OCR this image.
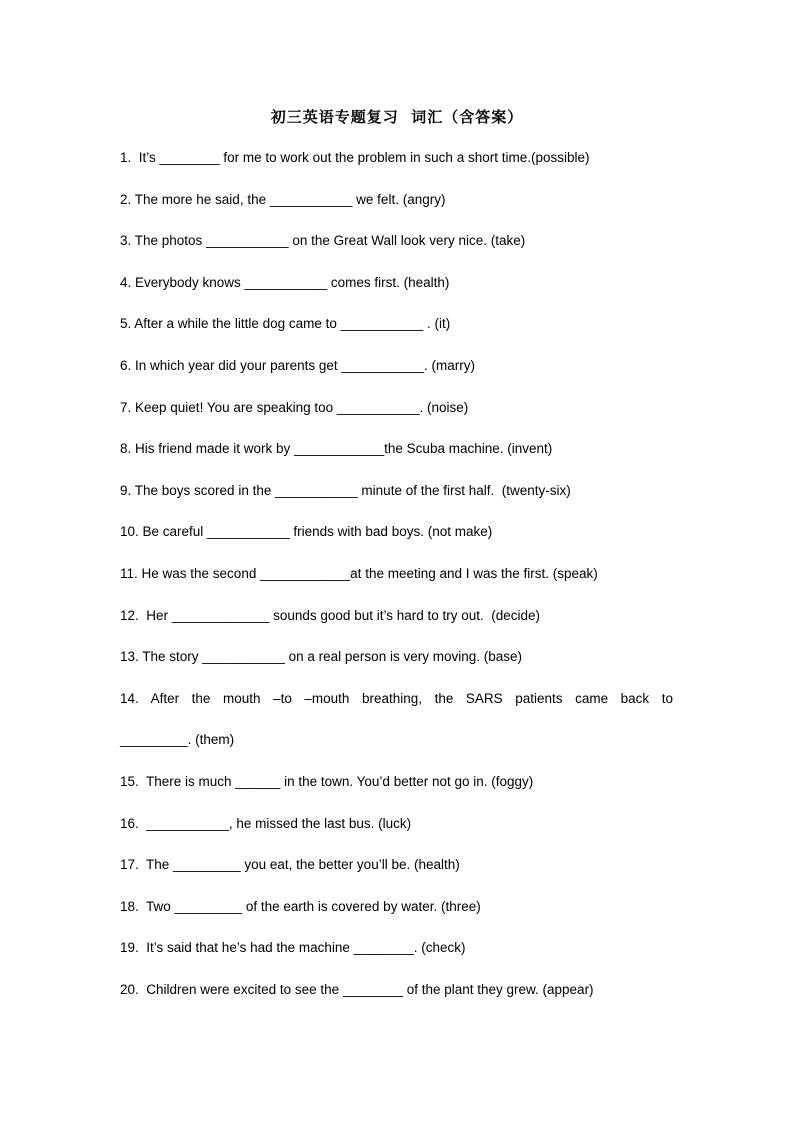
初三英语专题复习  词汇（含答案）
1.  It’s ________ for me to work out the problem in such a short time.(possible)
2. The more he said, the ___________ we felt. (angry)
3. The photos ___________ on the Great Wall look very nice. (take)
4. Everybody knows ___________ comes first. (health)
5. After a while the little dog came to ___________ . (it)
6. In which year did your parents get ___________. (marry)
7. Keep quiet! You are speaking too ___________. (noise)
8. His friend made it work by ____________the Scuba machine. (invent)
9. The boys scored in the ___________ minute of the first half.  (twenty-six)
10. Be careful ___________ friends with bad boys. (not make)
11. He was the second ____________at the meeting and I was the first. (speak)
12.  Her _____________ sounds good but it’s hard to try out.  (decide)
13. The story ___________ on a real person is very moving. (base)
14. After the mouth –to –mouth breathing, the SARS patients came back to
_________. (them)
15.  There is much ______ in the town. You’d better not go in. (foggy)
16.  ___________, he missed the last bus. (luck)
17.  The _________ you eat, the better you’ll be. (health)
18.  Two _________ of the earth is covered by water. (three)
19.  It’s said that he’s had the machine ________. (check)
20.  Children were excited to see the ________ of the plant they grew. (appear)
